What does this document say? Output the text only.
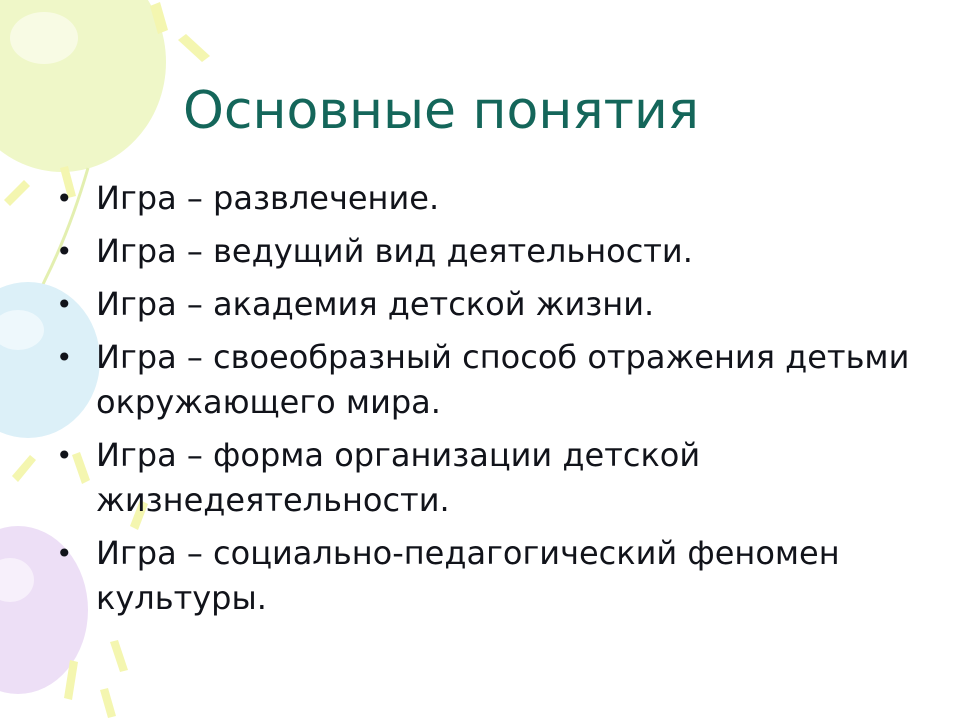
Основные понятия
• Игра – развлечение.
• Игра – ведущий вид деятельности.
• Игра – академия детской жизни.
• Игра – своеобразный способ отражения детьми окружающего мира.
• Игра – форма организации детской жизнедеятельности.
• Игра – социально-педагогический феномен культуры.
